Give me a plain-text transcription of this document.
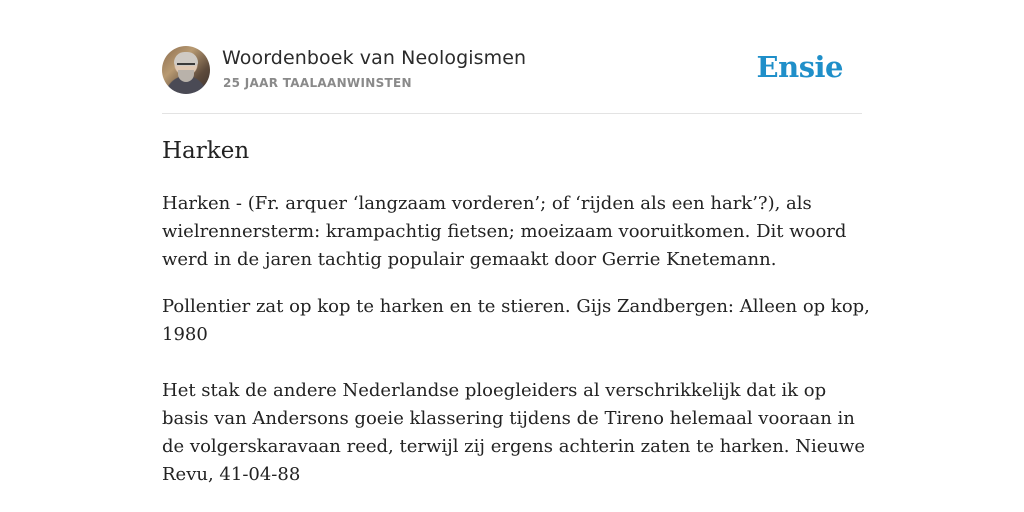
Woordenboek van Neologismen
25 JAAR TAALAANWINSTEN	Ensie
Harken

Harken - (Fr. arquer ‘langzaam vorderen’; of ‘rijden als een hark’?), als wielrennersterm: krampachtig fietsen; moeizaam vooruitkomen. Dit woord werd in de jaren tachtig populair gemaakt door Gerrie Knetemann.

Pollentier zat op kop te harken en te stieren. Gijs Zandbergen: Alleen op kop, 1980

Het stak de andere Nederlandse ploegleiders al verschrikkelijk dat ik op basis van Andersons goeie klassering tijdens de Tireno helemaal vooraan in de volgerskaravaan reed, terwijl zij ergens achterin zaten te harken. Nieuwe Revu, 41-04-88
